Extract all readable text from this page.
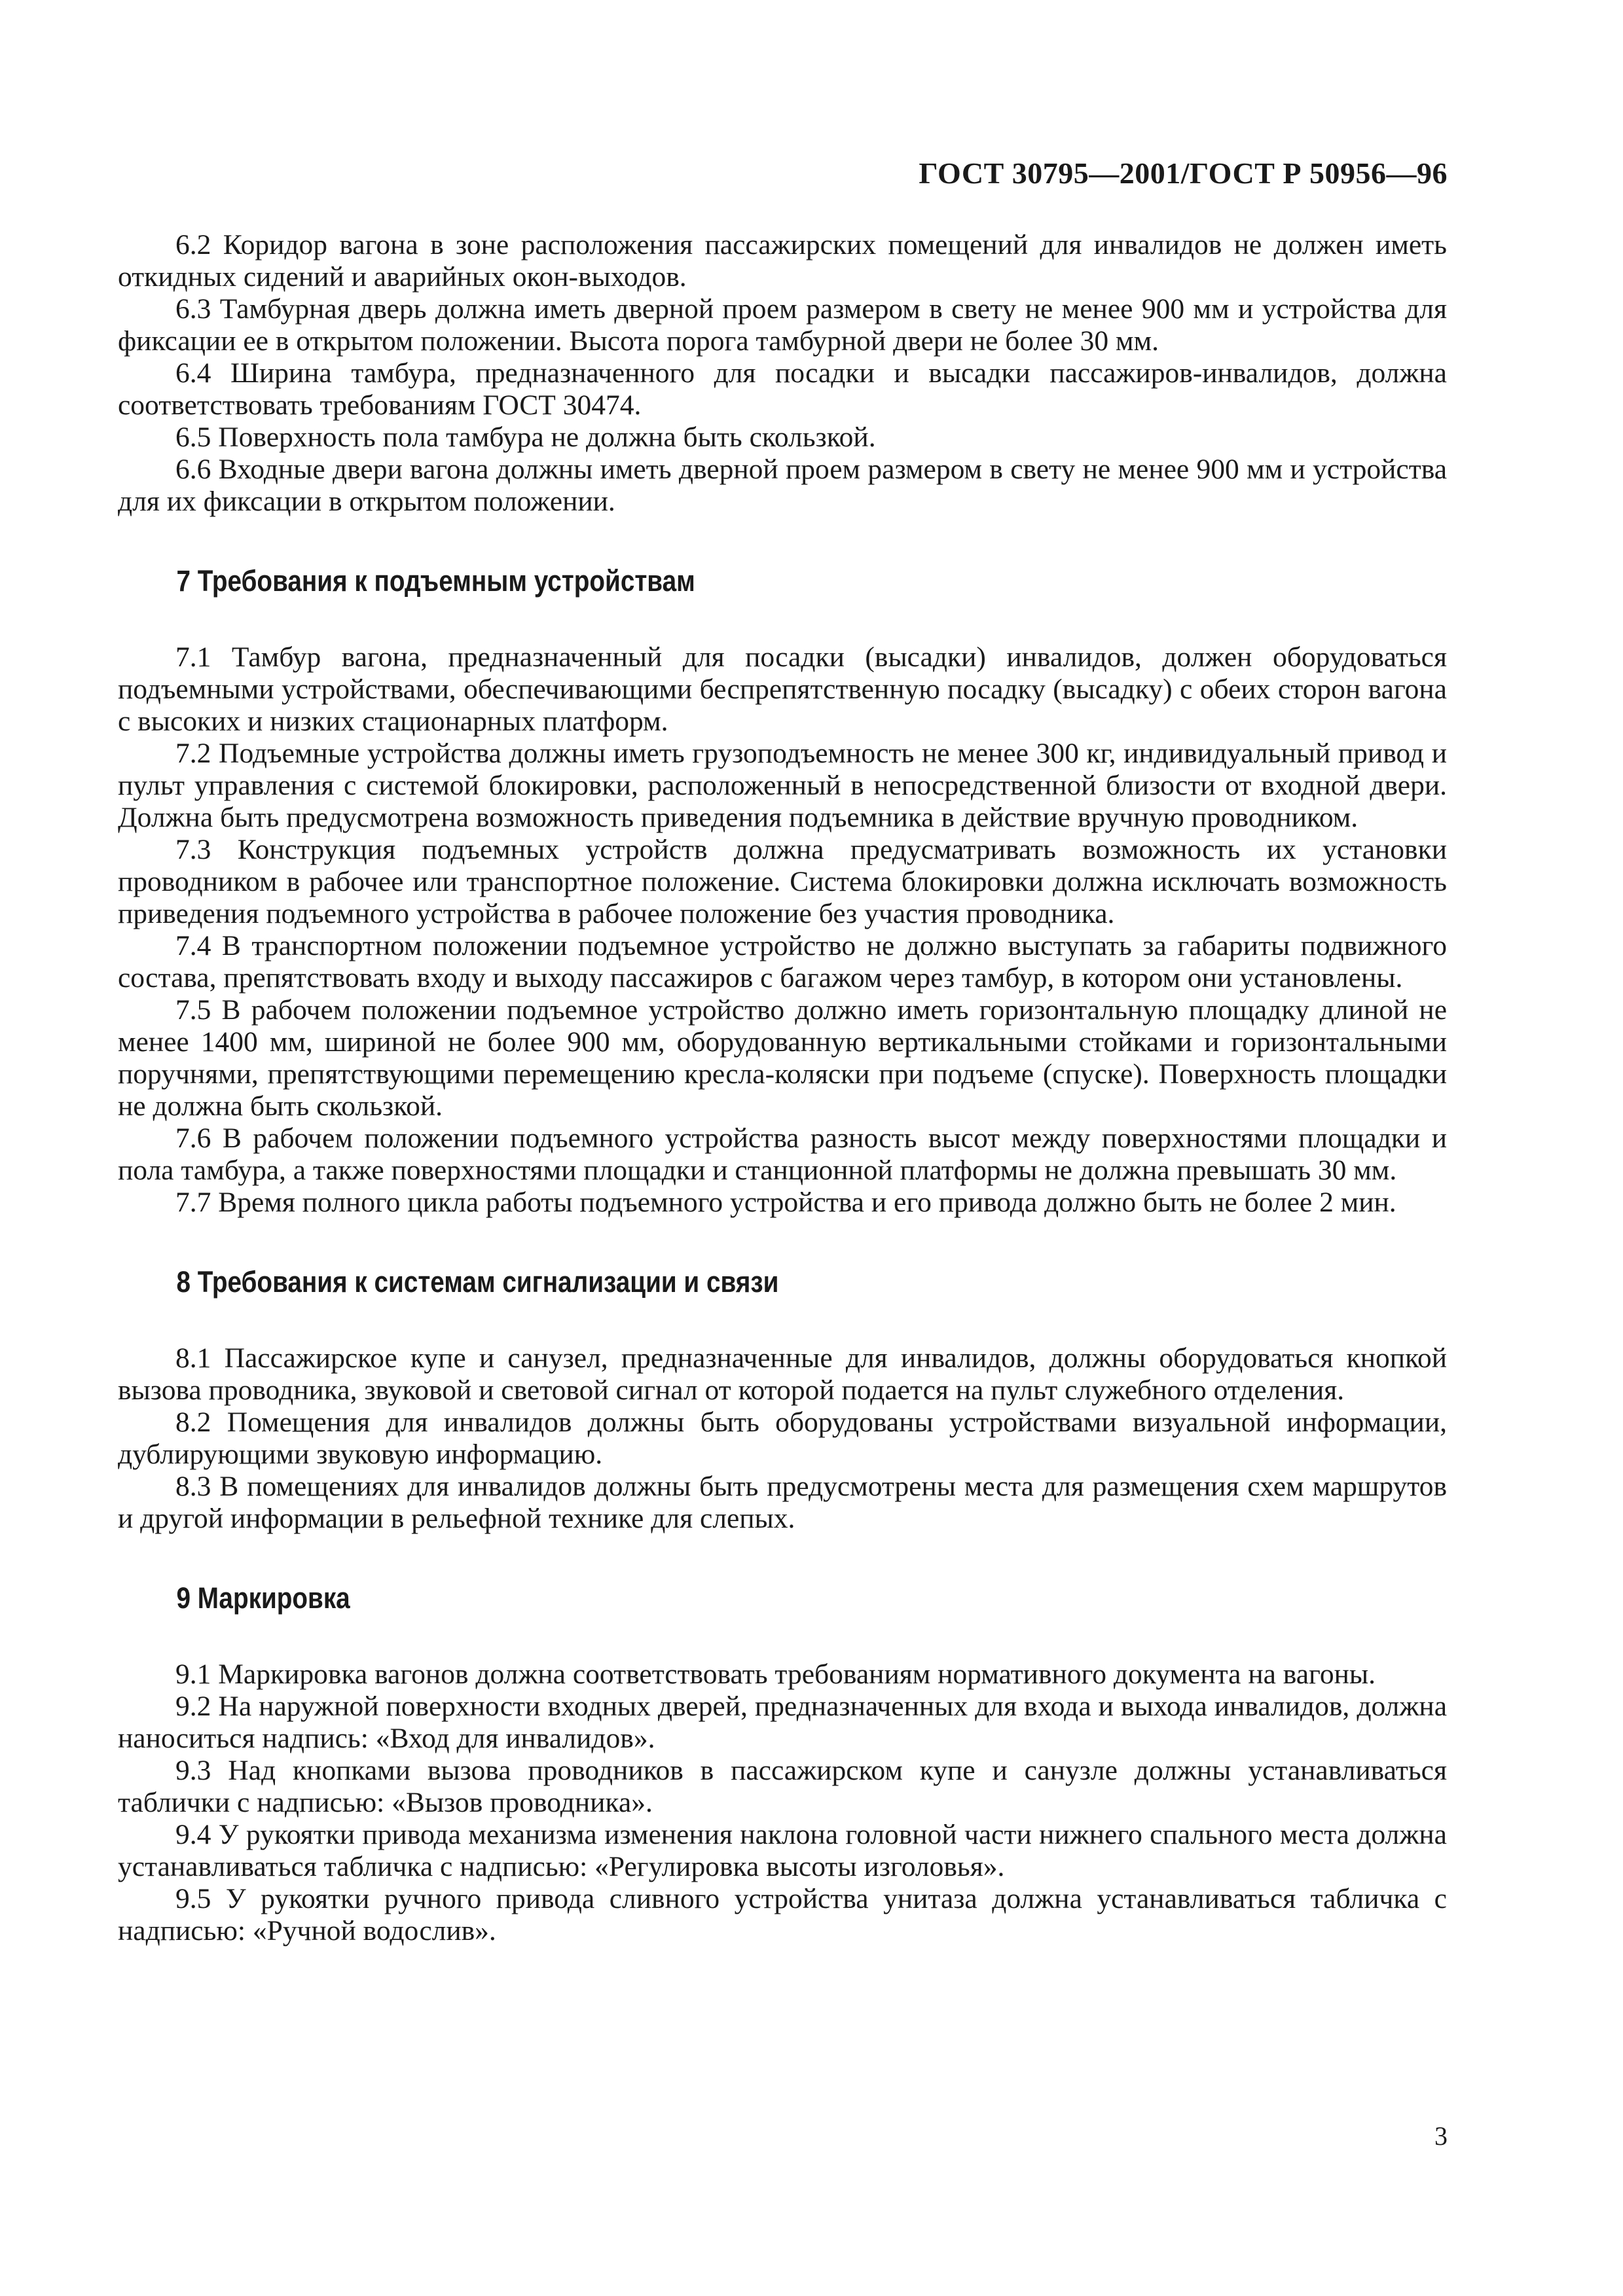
ГОСТ 30795—2001/ГОСТ Р 50956—96

6.2 Коридор вагона в зоне расположения пассажирских помещений для инвалидов не должен иметь откидных сидений и аварийных окон-выходов.

6.3 Тамбурная дверь должна иметь дверной проем размером в свету не менее 900 мм и устройства для фиксации ее в открытом положении. Высота порога тамбурной двери не более 30 мм.

6.4 Ширина тамбура, предназначенного для посадки и высадки пассажиров-инвалидов, должна соответствовать требованиям ГОСТ 30474.

6.5 Поверхность пола тамбура не должна быть скользкой.

6.6 Входные двери вагона должны иметь дверной проем размером в свету не менее 900 мм и устройства для их фиксации в открытом положении.

7 Требования к подъемным устройствам

7.1 Тамбур вагона, предназначенный для посадки (высадки) инвалидов, должен оборудоваться подъемными устройствами, обеспечивающими беспрепятственную посадку (высадку) с обеих сторон вагона с высоких и низких стационарных платформ.

7.2 Подъемные устройства должны иметь грузоподъемность не менее 300 кг, индивидуальный привод и пульт управления с системой блокировки, расположенный в непосредственной близости от входной двери. Должна быть предусмотрена возможность приведения подъемника в действие вручную проводником.

7.3 Конструкция подъемных устройств должна предусматривать возможность их установки проводником в рабочее или транспортное положение. Система блокировки должна исключать возможность приведения подъемного устройства в рабочее положение без участия проводника.

7.4 В транспортном положении подъемное устройство не должно выступать за габариты подвижного состава, препятствовать входу и выходу пассажиров с багажом через тамбур, в котором они установлены.

7.5 В рабочем положении подъемное устройство должно иметь горизонтальную площадку длиной не менее 1400 мм, шириной не более 900 мм, оборудованную вертикальными стойками и горизонтальными поручнями, препятствующими перемещению кресла-коляски при подъеме (спуске). Поверхность площадки не должна быть скользкой.

7.6 В рабочем положении подъемного устройства разность высот между поверхностями площадки и пола тамбура, а также поверхностями площадки и станционной платформы не должна превышать 30 мм.

7.7 Время полного цикла работы подъемного устройства и его привода должно быть не более 2 мин.

8 Требования к системам сигнализации и связи

8.1 Пассажирское купе и санузел, предназначенные для инвалидов, должны оборудоваться кнопкой вызова проводника, звуковой и световой сигнал от которой подается на пульт служебного отделения.

8.2 Помещения для инвалидов должны быть оборудованы устройствами визуальной информации, дублирующими звуковую информацию.

8.3 В помещениях для инвалидов должны быть предусмотрены места для размещения схем маршрутов и другой информации в рельефной технике для слепых.

9 Маркировка

9.1 Маркировка вагонов должна соответствовать требованиям нормативного документа на вагоны.

9.2 На наружной поверхности входных дверей, предназначенных для входа и выхода инвалидов, должна наноситься надпись: «Вход для инвалидов».

9.3 Над кнопками вызова проводников в пассажирском купе и санузле должны устанавливаться таблички с надписью: «Вызов проводника».

9.4 У рукоятки привода механизма изменения наклона головной части нижнего спального места должна устанавливаться табличка с надписью: «Регулировка высоты изголовья».

9.5 У рукоятки ручного привода сливного устройства унитаза должна устанавливаться табличка с надписью: «Ручной водослив».

3
